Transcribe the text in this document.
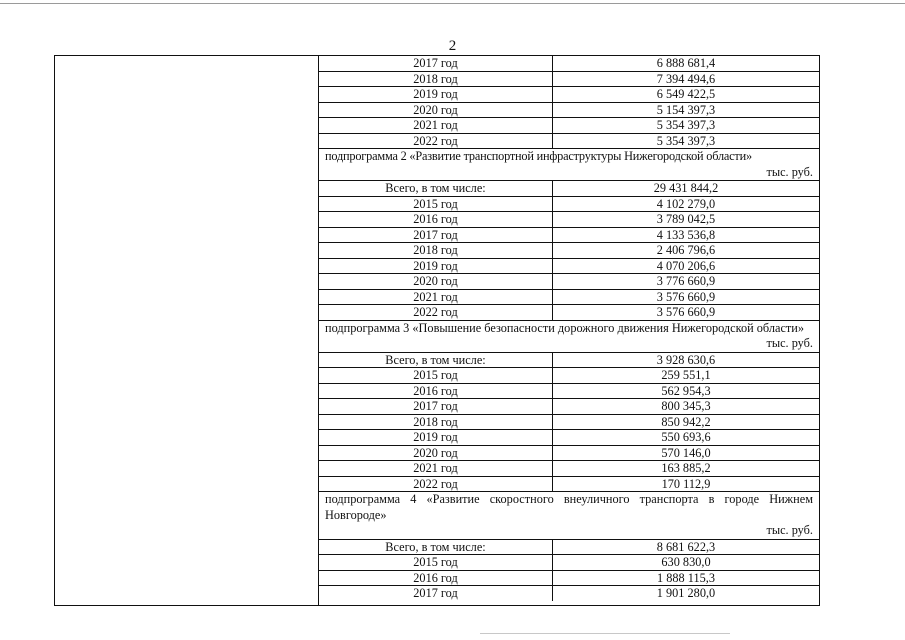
2
2017 год	6 888 681,4
2018 год	7 394 494,6
2019 год	6 549 422,5
2020 год	5 154 397,3
2021 год	5 354 397,3
2022 год	5 354 397,3

подпрограмма 2 «Развитие транспортной инфраструктуры Нижегородской области»
тыс. руб.	

Всего, в том числе:	29 431 844,2
2015 год	4 102 279,0
2016 год	3 789 042,5
2017 год	4 133 536,8
2018 год	2 406 796,6
2019 год	4 070 206,6
2020 год	3 776 660,9
2021 год	3 576 660,9
2022 год	3 576 660,9

подпрограмма 3 «Повышение безопасности дорожного движения Нижегородской области»
тыс. руб.	

Всего, в том числе:	3 928 630,6
2015 год	259 551,1
2016 год	562 954,3
2017 год	800 345,3
2018 год	850 942,2
2019 год	550 693,6
2020 год	570 146,0
2021 год	163 885,2
2022 год	170 112,9

подпрограмма 4 «Развитие скоростного внеуличного транспорта в городе Нижнем Новгороде»
тыс. руб.	

Всего, в том числе:	8 681 622,3
2015 год	630 830,0
2016 год	1 888 115,3
2017 год	1 901 280,0
